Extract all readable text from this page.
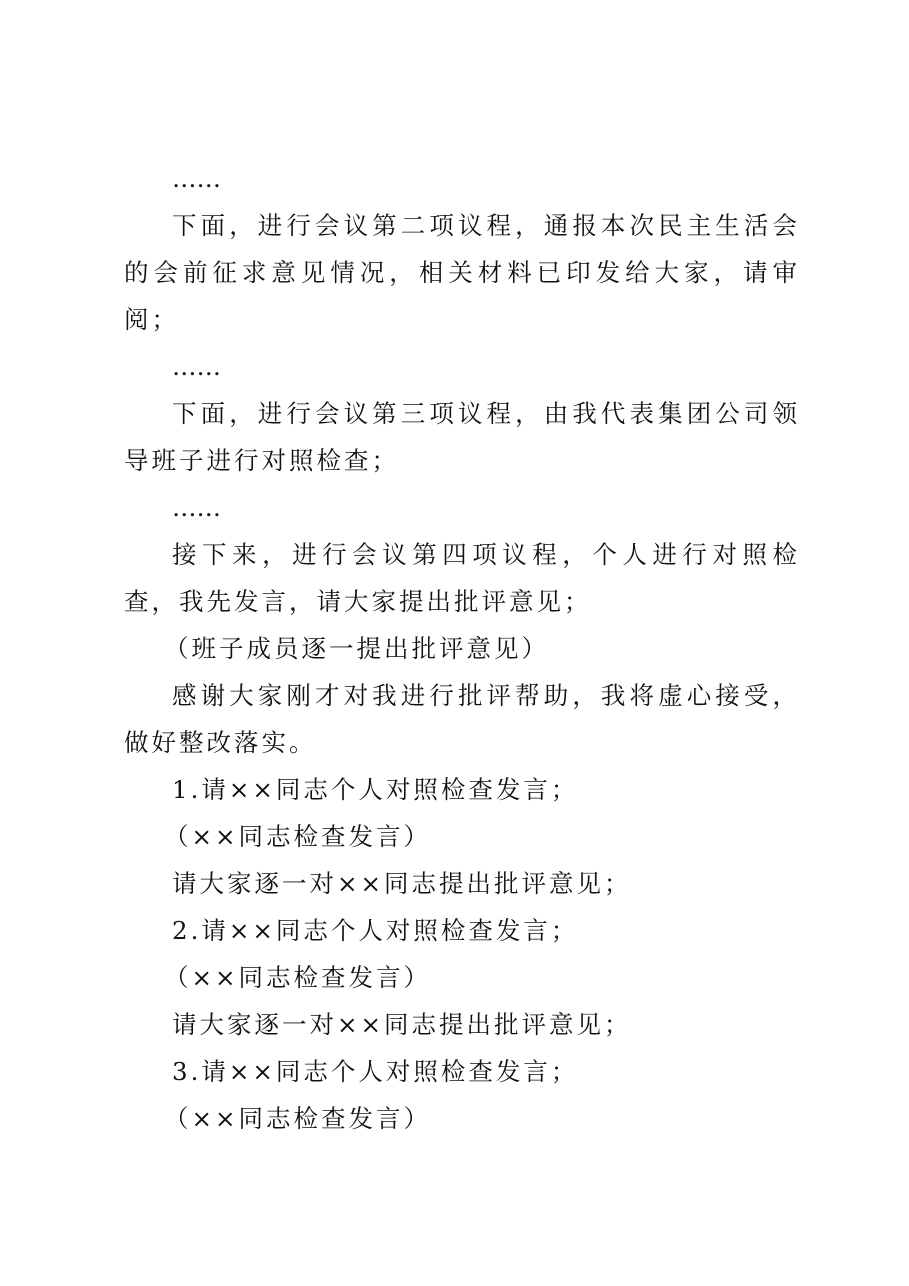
……

下面，进行会议第二项议程，通报本次民主生活会的会前征求意见情况，相关材料已印发给大家，请审阅；

……

下面，进行会议第三项议程，由我代表集团公司领导班子进行对照检查；

……

接下来，进行会议第四项议程，个人进行对照检查，我先发言，请大家提出批评意见；

（班子成员逐一提出批评意见）

感谢大家刚才对我进行批评帮助，我将虚心接受，做好整改落实。

1.请××同志个人对照检查发言；

（××同志检查发言）

请大家逐一对××同志提出批评意见；

2.请××同志个人对照检查发言；

（××同志检查发言）

请大家逐一对××同志提出批评意见；

3.请××同志个人对照检查发言；

（××同志检查发言）
